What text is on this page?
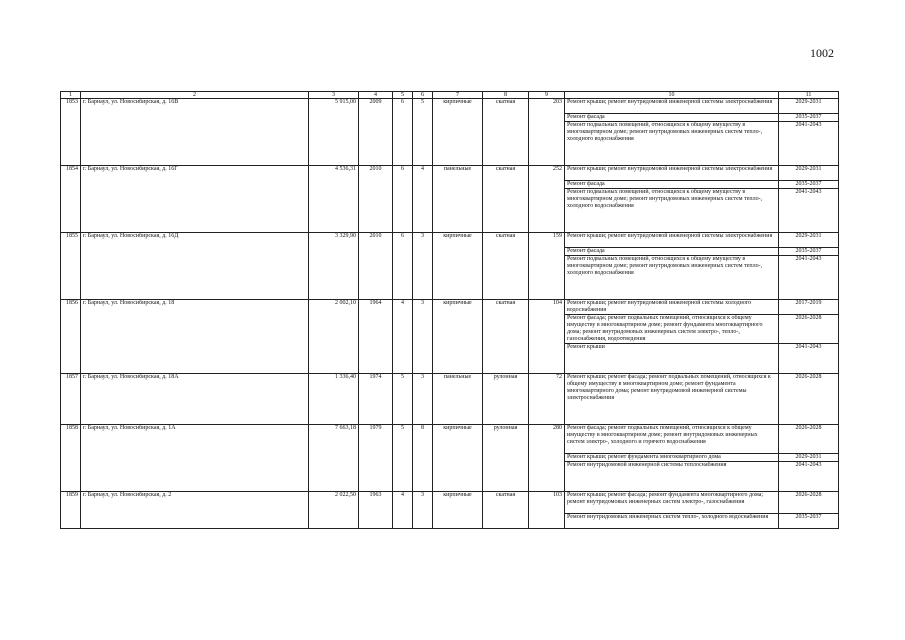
1002
1	2	3	4	5	6	7	8	9	10	11
1853	г. Барнаул, ул. Новосибирская, д. 16В	5 915,00	2009	6	5	кирпичные	скатная	203	Ремонт крыши; ремонт внутридомовой инженерной системы электроснабжения	2029-2031
									Ремонт фасада	2035-2037
									Ремонт подвальных помещений, относящихся к общему имуществу в многоквартирном доме; ремонт внутридомовых инженерных систем тепло-, холодного водоснабжения	2041-2043
1854	г. Барнаул, ул. Новосибирская, д. 16Г	4 536,31	2010	6	4	панельные	скатная	252	Ремонт крыши; ремонт внутридомовой инженерной системы электроснабжения	2029-2031
									Ремонт фасада	2035-2037
									Ремонт подвальных помещений, относящихся к общему имуществу в многоквартирном доме; ремонт внутридомовых инженерных систем тепло-, холодного водоснабжения	2041-2043
1855	г. Барнаул, ул. Новосибирская, д. 16Д	3 329,90	2010	6	3	кирпичные	скатная	159	Ремонт крыши; ремонт внутридомовой инженерной системы электроснабжения	2029-2031
									Ремонт фасада	2035-2037
									Ремонт подвальных помещений, относящихся к общему имуществу в многоквартирном доме; ремонт внутридомовых инженерных систем тепло-, холодного водоснабжения	2041-2043
1856	г. Барнаул, ул. Новосибирская, д. 18	2 002,10	1964	4	3	кирпичные	скатная	104	Ремонт крыши; ремонт внутридомовой инженерной системы холодного водоснабжения	2017-2019
									Ремонт фасада; ремонт подвальных помещений, относящихся к общему имуществу в многоквартирном доме; ремонт фундамента многоквартирного дома; ремонт внутридомовых инженерных систем электро-, тепло-, газоснабжения, водоотведения	2026-2028
									Ремонт крыши	2041-2043
1857	г. Барнаул, ул. Новосибирская, д. 18А	1 336,40	1974	5	3	панельные	рулонная	72	Ремонт крыши; ремонт фасада; ремонт подвальных помещений, относящихся к общему имуществу в многоквартирном доме; ремонт фундамента многоквартирного дома; ремонт внутридомовой инженерной системы электроснабжения	2026-2028
1858	г. Барнаул, ул. Новосибирская, д. 1А	7 663,18	1979	5	8	кирпичные	рулонная	280	Ремонт фасада; ремонт подвальных помещений, относящихся к общему имуществу в многоквартирном доме; ремонт внутридомовых инженерных систем электро-, холодного и горячего водоснабжения	2026-2028
									Ремонт крыши; ремонт фундамента многоквартирного дома	2029-2031
									Ремонт внутридомовой инженерной системы теплоснабжения	2041-2043
1859	г. Барнаул, ул. Новосибирская, д. 2	2 022,50	1963	4	3	кирпичные	скатная	103	Ремонт крыши; ремонт фасада; ремонт фундамента многоквартирного дома; ремонт внутридомовых инженерных систем электро-, газоснабжения	2026-2028
									Ремонт внутридомовых инженерных систем тепло-, холодного водоснабжения	2035-2037
